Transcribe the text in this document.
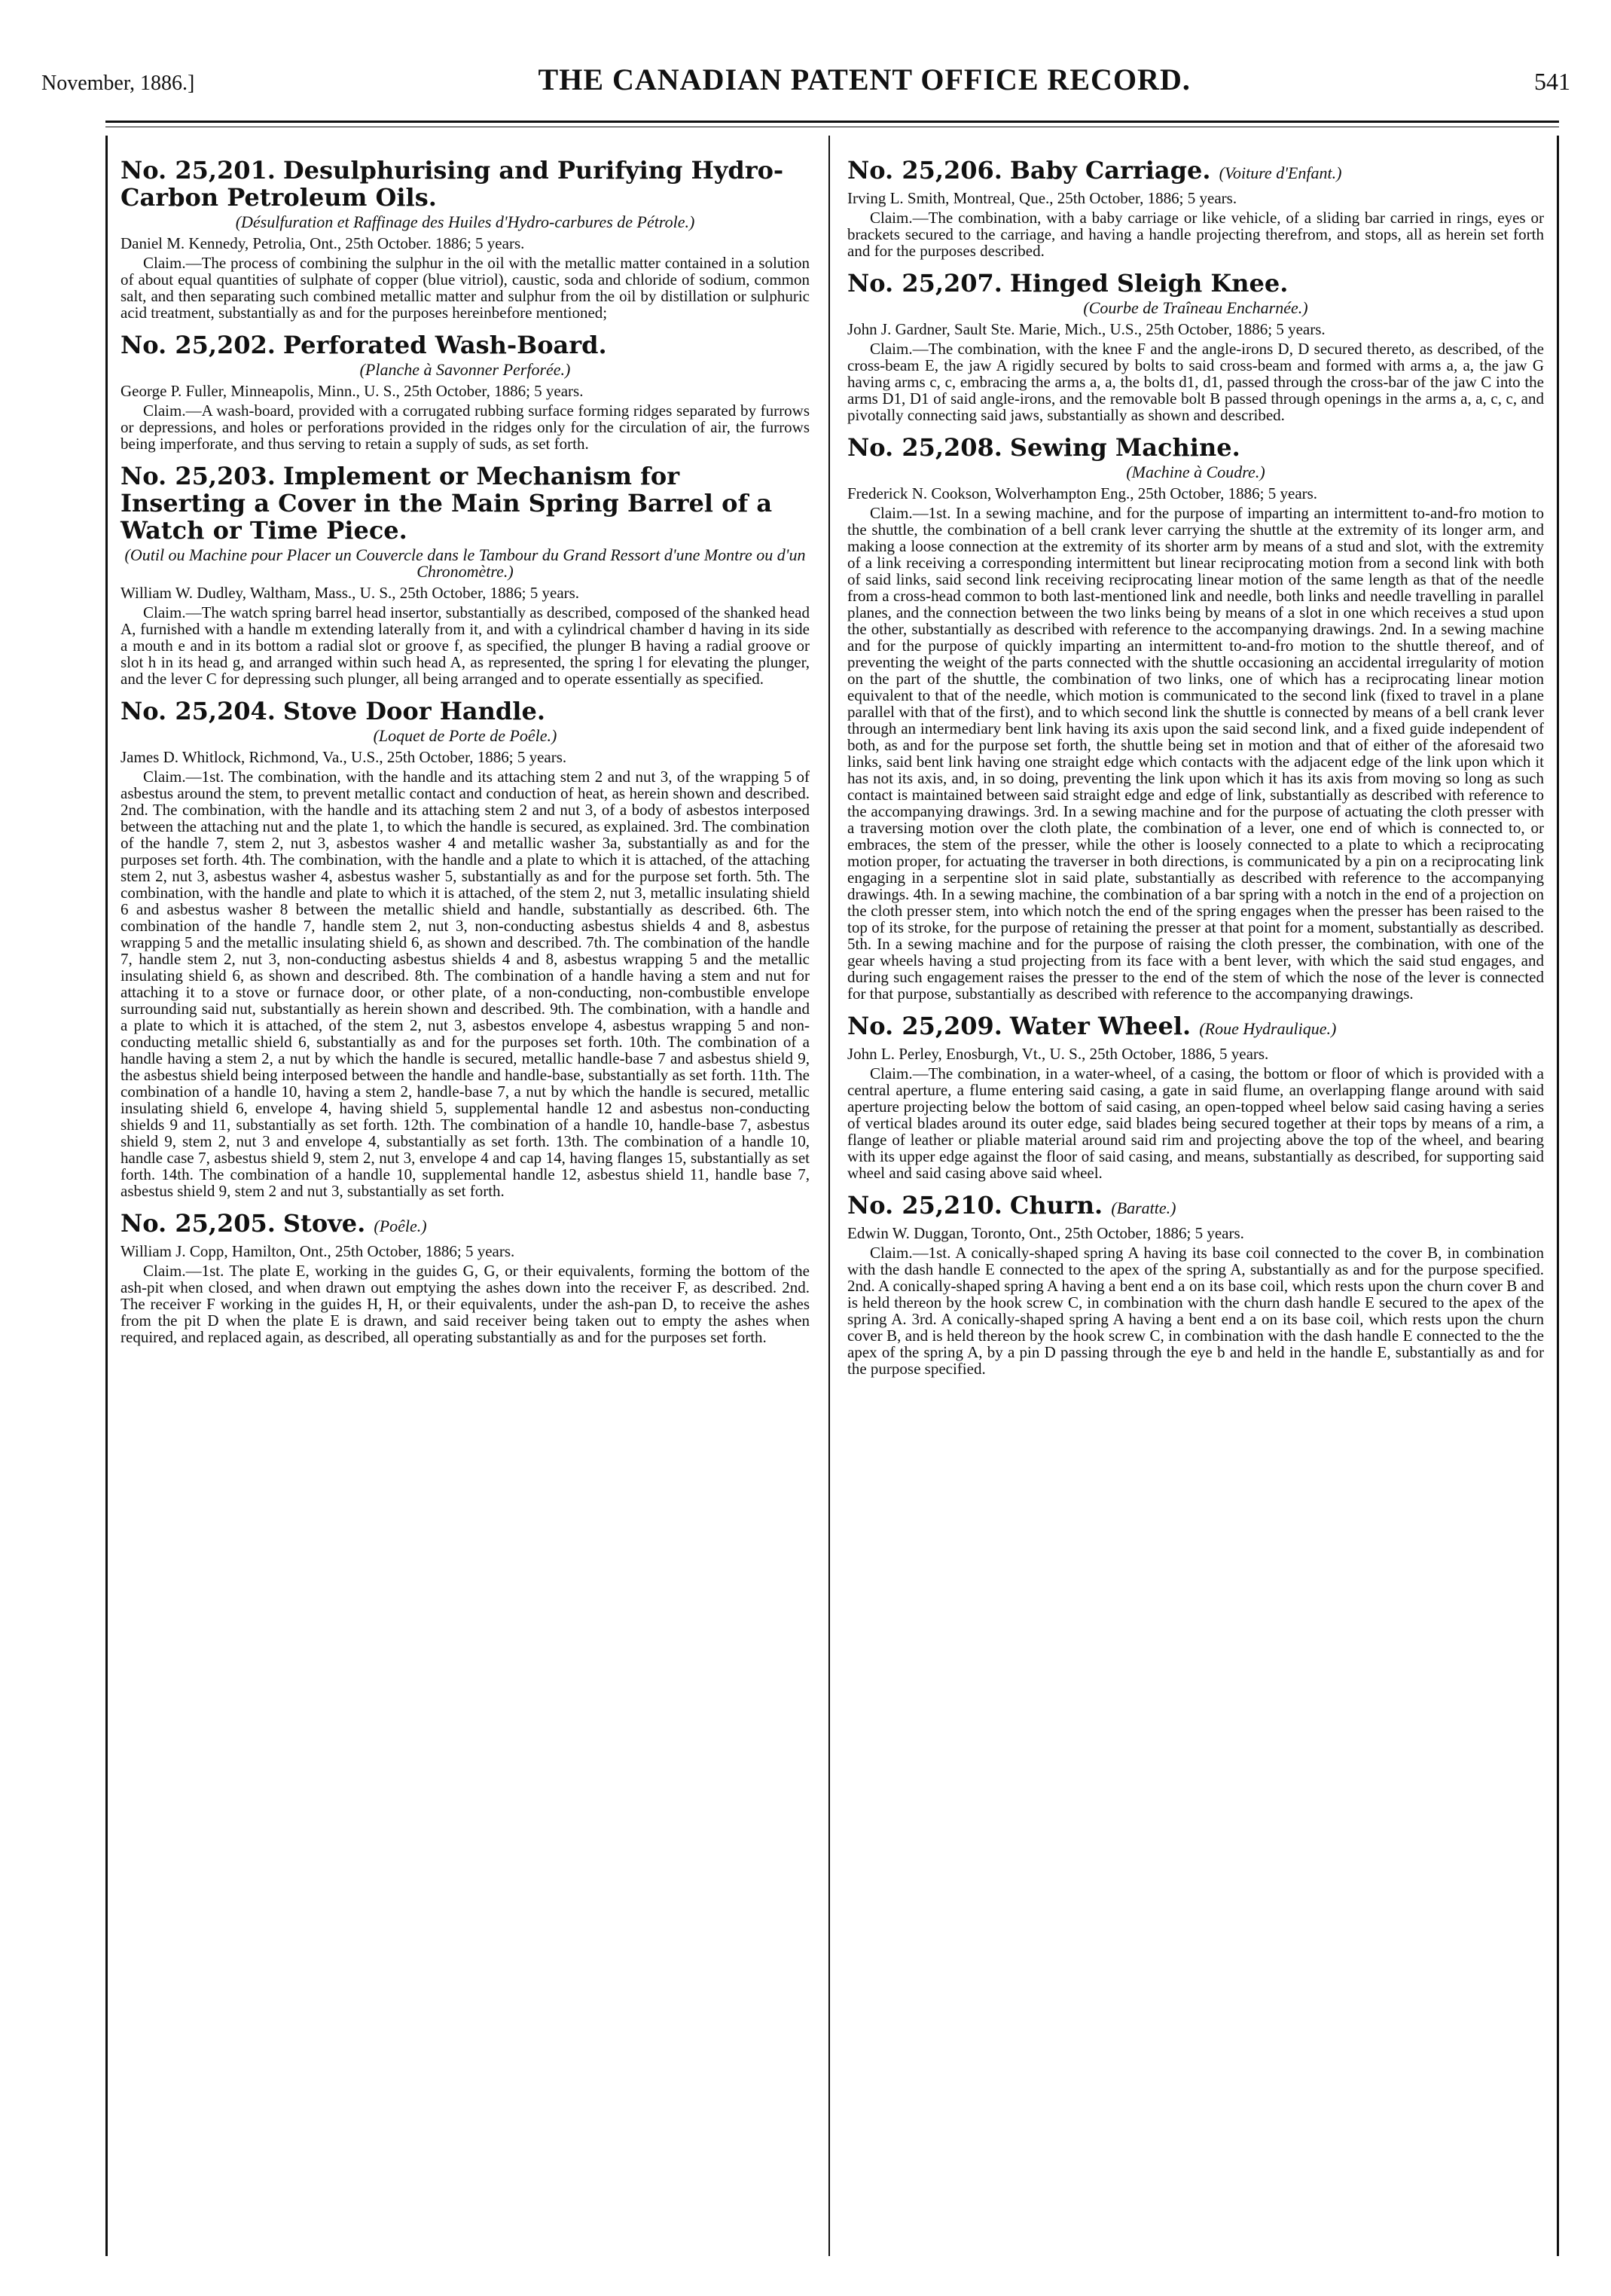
November, 1886.]	THE CANADIAN PATENT OFFICE RECORD.	541
No. 25,201. Desulphurising and Purifying Hydro-Carbon Petroleum Oils.
(Désulfuration et Raffinage des Huiles d'Hydro-carbures de Pétrole.)
Daniel M. Kennedy, Petrolia, Ont., 25th October. 1886; 5 years.
Claim.—The process of combining the sulphur in the oil with the metallic matter contained in a solution of about equal quantities of sulphate of copper (blue vitriol), caustic, soda and chloride of sodium, common salt, and then separating such combined metallic matter and sulphur from the oil by distillation or sulphuric acid treatment, substantially as and for the purposes hereinbefore mentioned;
No. 25,202. Perforated Wash-Board.
(Planche à Savonner Perforée.)
George P. Fuller, Minneapolis, Minn., U. S., 25th October, 1886; 5 years.
Claim.—A wash-board, provided with a corrugated rubbing surface forming ridges separated by furrows or depressions, and holes or perforations provided in the ridges only for the circulation of air, the furrows being imperforate, and thus serving to retain a supply of suds, as set forth.
No. 25,203. Implement or Mechanism for Inserting a Cover in the Main Spring Barrel of a Watch or Time Piece.
(Outil ou Machine pour Placer un Couvercle dans le Tambour du Grand Ressort d'une Montre ou d'un Chronomètre.)
William W. Dudley, Waltham, Mass., U. S., 25th October, 1886; 5 years.
Claim.—The watch spring barrel head insertor, substantially as described, composed of the shanked head A, furnished with a handle m extending laterally from it, and with a cylindrical chamber d having in its side a mouth e and in its bottom a radial slot or groove f, as specified, the plunger B having a radial groove or slot h in its head g, and arranged within such head A, as represented, the spring l for elevating the plunger, and the lever C for depressing such plunger, all being arranged and to operate essentially as specified.
No. 25,204. Stove Door Handle.
(Loquet de Porte de Poêle.)
James D. Whitlock, Richmond, Va., U.S., 25th October, 1886; 5 years.
Claim.—1st. The combination, with the handle and its attaching stem 2 and nut 3, of the wrapping 5 of asbestus around the stem, to prevent metallic contact and conduction of heat, as herein shown and described. 2nd. The combination, with the handle and its attaching stem 2 and nut 3, of a body of asbestos interposed between the attaching nut and the plate 1, to which the handle is secured, as explained. 3rd. The combination of the handle 7, stem 2, nut 3, asbestos washer 4 and metallic washer 3a, substantially as and for the purposes set forth. 4th. The combination, with the handle and a plate to which it is attached, of the attaching stem 2, nut 3, asbestus washer 4, asbestus washer 5, substantially as and for the purpose set forth. 5th. The combination, with the handle and plate to which it is attached, of the stem 2, nut 3, metallic insulating shield 6 and asbestus washer 8 between the metallic shield and handle, substantially as described. 6th. The combination of the handle 7, handle stem 2, nut 3, non-conducting asbestus shields 4 and 8, asbestus wrapping 5 and the metallic insulating shield 6, as shown and described. 7th. The combination of the handle 7, handle stem 2, nut 3, non-conducting asbestus shields 4 and 8, asbestus wrapping 5 and the metallic insulating shield 6, as shown and described. 8th. The combination of a handle having a stem and nut for attaching it to a stove or furnace door, or other plate, of a non-conducting, non-combustible envelope surrounding said nut, substantially as herein shown and described. 9th. The combination, with a handle and a plate to which it is attached, of the stem 2, nut 3, asbestos envelope 4, asbestus wrapping 5 and non-conducting metallic shield 6, substantially as and for the purposes set forth. 10th. The combination of a handle having a stem 2, a nut by which the handle is secured, metallic handle-base 7 and asbestus shield 9, the asbestus shield being interposed between the handle and handle-base, substantially as set forth. 11th. The combination of a handle 10, having a stem 2, handle-base 7, a nut by which the handle is secured, metallic insulating shield 6, envelope 4, having shield 5, supplemental handle 12 and asbestus non-conducting shields 9 and 11, substantially as set forth. 12th. The combination of a handle 10, handle-base 7, asbestus shield 9, stem 2, nut 3 and envelope 4, substantially as set forth. 13th. The combination of a handle 10, handle case 7, asbestus shield 9, stem 2, nut 3, envelope 4 and cap 14, having flanges 15, substantially as set forth. 14th. The combination of a handle 10, supplemental handle 12, asbestus shield 11, handle base 7, asbestus shield 9, stem 2 and nut 3, substantially as set forth.
No. 25,205. Stove. (Poêle.)
William J. Copp, Hamilton, Ont., 25th October, 1886; 5 years.
Claim.—1st. The plate E, working in the guides G, G, or their equivalents, forming the bottom of the ash-pit when closed, and when drawn out emptying the ashes down into the receiver F, as described. 2nd. The receiver F working in the guides H, H, or their equivalents, under the ash-pan D, to receive the ashes from the pit D when the plate E is drawn, and said receiver being taken out to empty the ashes when required, and replaced again, as described, all operating substantially as and for the purposes set forth.
No. 25,206. Baby Carriage. (Voiture d'Enfant.)
Irving L. Smith, Montreal, Que., 25th October, 1886; 5 years.
Claim.—The combination, with a baby carriage or like vehicle, of a sliding bar carried in rings, eyes or brackets secured to the carriage, and having a handle projecting therefrom, and stops, all as herein set forth and for the purposes described.
No. 25,207. Hinged Sleigh Knee.
(Courbe de Traîneau Encharnée.)
John J. Gardner, Sault Ste. Marie, Mich., U.S., 25th October, 1886; 5 years.
Claim.—The combination, with the knee F and the angle-irons D, D secured thereto, as described, of the cross-beam E, the jaw A rigidly secured by bolts to said cross-beam and formed with arms a, a, the jaw G having arms c, c, embracing the arms a, a, the bolts d1, d1, passed through the cross-bar of the jaw C into the arms D1, D1 of said angle-irons, and the removable bolt B passed through openings in the arms a, a, c, c, and pivotally connecting said jaws, substantially as shown and described.
No. 25,208. Sewing Machine.
(Machine à Coudre.)
Frederick N. Cookson, Wolverhampton Eng., 25th October, 1886; 5 years.
Claim.—1st. In a sewing machine, and for the purpose of imparting an intermittent to-and-fro motion to the shuttle, the combination of a bell crank lever carrying the shuttle at the extremity of its longer arm, and making a loose connection at the extremity of its shorter arm by means of a stud and slot, with the extremity of a link receiving a corresponding intermittent but linear reciprocating motion from a second link with both of said links, said second link receiving reciprocating linear motion of the same length as that of the needle from a cross-head common to both last-mentioned link and needle, both links and needle travelling in parallel planes, and the connection between the two links being by means of a slot in one which receives a stud upon the other, substantially as described with reference to the accompanying drawings. 2nd. In a sewing machine and for the purpose of quickly imparting an intermittent to-and-fro motion to the shuttle thereof, and of preventing the weight of the parts connected with the shuttle occasioning an accidental irregularity of motion on the part of the shuttle, the combination of two links, one of which has a reciprocating linear motion equivalent to that of the needle, which motion is communicated to the second link (fixed to travel in a plane parallel with that of the first), and to which second link the shuttle is connected by means of a bell crank lever through an intermediary bent link having its axis upon the said second link, and a fixed guide independent of both, as and for the purpose set forth, the shuttle being set in motion and that of either of the aforesaid two links, said bent link having one straight edge which contacts with the adjacent edge of the link upon which it has not its axis, and, in so doing, preventing the link upon which it has its axis from moving so long as such contact is maintained between said straight edge and edge of link, substantially as described with reference to the accompanying drawings. 3rd. In a sewing machine and for the purpose of actuating the cloth presser with a traversing motion over the cloth plate, the combination of a lever, one end of which is connected to, or embraces, the stem of the presser, while the other is loosely connected to a plate to which a reciprocating motion proper, for actuating the traverser in both directions, is communicated by a pin on a reciprocating link engaging in a serpentine slot in said plate, substantially as described with reference to the accompanying drawings. 4th. In a sewing machine, the combination of a bar spring with a notch in the end of a projection on the cloth presser stem, into which notch the end of the spring engages when the presser has been raised to the top of its stroke, for the purpose of retaining the presser at that point for a moment, substantially as described. 5th. In a sewing machine and for the purpose of raising the cloth presser, the combination, with one of the gear wheels having a stud projecting from its face with a bent lever, with which the said stud engages, and during such engagement raises the presser to the end of the stem of which the nose of the lever is connected for that purpose, substantially as described with reference to the accompanying drawings.
No. 25,209. Water Wheel. (Roue Hydraulique.)
John L. Perley, Enosburgh, Vt., U. S., 25th October, 1886, 5 years.
Claim.—The combination, in a water-wheel, of a casing, the bottom or floor of which is provided with a central aperture, a flume entering said casing, a gate in said flume, an overlapping flange around with said aperture projecting below the bottom of said casing, an open-topped wheel below said casing having a series of vertical blades around its outer edge, said blades being secured together at their tops by means of a rim, a flange of leather or pliable material around said rim and projecting above the top of the wheel, and bearing with its upper edge against the floor of said casing, and means, substantially as described, for supporting said wheel and said casing above said wheel.
No. 25,210. Churn. (Baratte.)
Edwin W. Duggan, Toronto, Ont., 25th October, 1886; 5 years.
Claim.—1st. A conically-shaped spring A having its base coil connected to the cover B, in combination with the dash handle E connected to the apex of the spring A, substantially as and for the purpose specified. 2nd. A conically-shaped spring A having a bent end a on its base coil, which rests upon the churn cover B and is held thereon by the hook screw C, in combination with the churn dash handle E secured to the apex of the spring A. 3rd. A conically-shaped spring A having a bent end a on its base coil, which rests upon the churn cover B, and is held thereon by the hook screw C, in combination with the dash handle E connected to the the apex of the spring A, by a pin D passing through the eye b and held in the handle E, substantially as and for the purpose specified.
